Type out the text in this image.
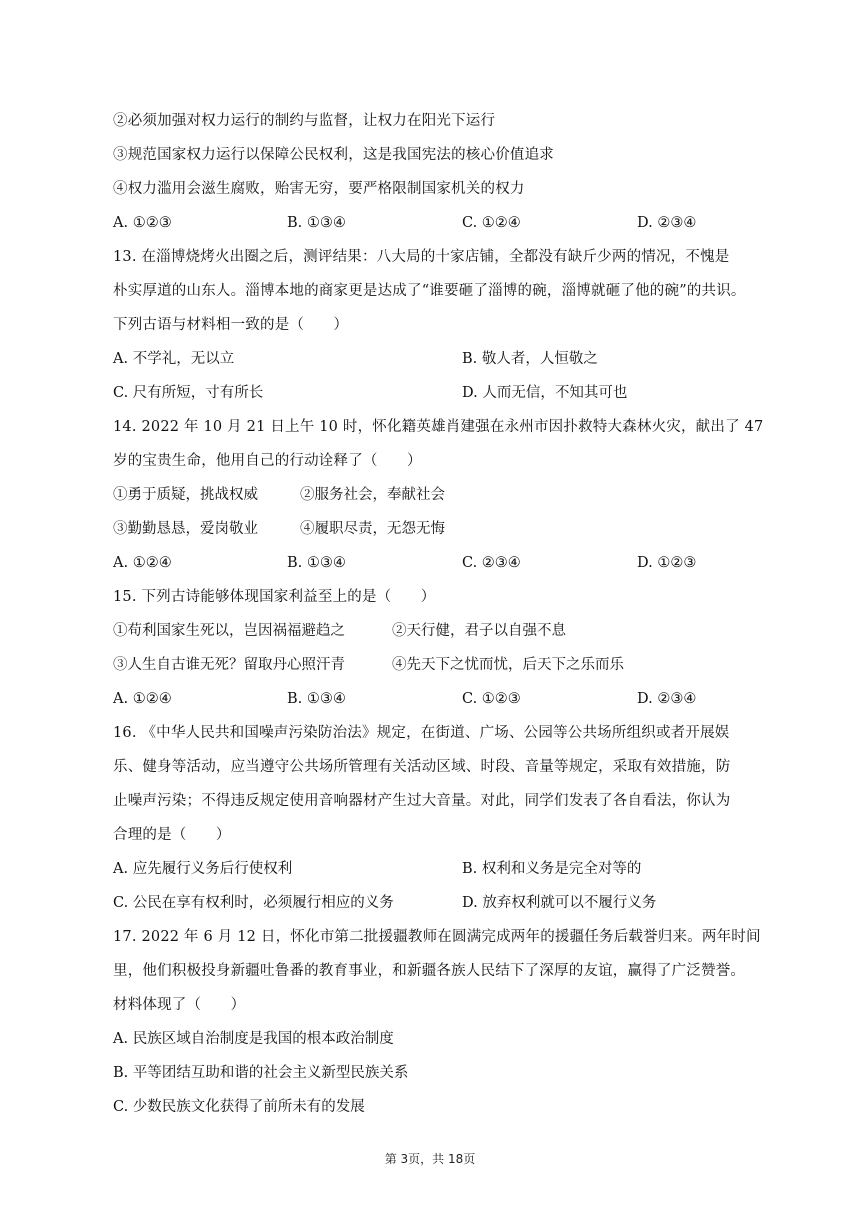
②必须加强对权力运行的制约与监督，让权力在阳光下运行
③规范国家权力运行以保障公民权利，这是我国宪法的核心价值追求
④权力滥用会滋生腐败，贻害无穷，要严格限制国家机关的权力
A. ①②③	B. ①③④	C. ①②④	D. ②③④
13. 在淄博烧烤火出圈之后，测评结果：八大局的十家店铺，全都没有缺斤少两的情况，不愧是
朴实厚道的山东人。淄博本地的商家更是达成了“谁要砸了淄博的碗，淄博就砸了他的碗”的共识。
下列古语与材料相一致的是（　　）
A. 不学礼，无以立	B. 敬人者，人恒敬之
C. 尺有所短，寸有所长	D. 人而无信，不知其可也
14. 2022 年 10 月 21 日上午 10 时，怀化籍英雄肖建强在永州市因扑救特大森林火灾，献出了 47
岁的宝贵生命，他用自己的行动诠释了（　　）
①勇于质疑，挑战权威	②服务社会，奉献社会
③勤勤恳恳，爱岗敬业	④履职尽责，无怨无悔
A. ①②④	B. ①③④	C. ②③④	D. ①②③
15. 下列古诗能够体现国家利益至上的是（　　）
①苟利国家生死以，岂因祸福避趋之	②天行健，君子以自强不息
③人生自古谁无死？留取丹心照汗青	④先天下之忧而忧，后天下之乐而乐
A. ①②④	B. ①③④	C. ①②③	D. ②③④
16. 《中华人民共和国噪声污染防治法》规定，在街道、广场、公园等公共场所组织或者开展娱
乐、健身等活动，应当遵守公共场所管理有关活动区域、时段、音量等规定，采取有效措施，防
止噪声污染；不得违反规定使用音响器材产生过大音量。对此，同学们发表了各自看法，你认为
合理的是（　　）
A. 应先履行义务后行使权利	B. 权利和义务是完全对等的
C. 公民在享有权利时，必须履行相应的义务	D. 放弃权利就可以不履行义务
17. 2022 年 6 月 12 日，怀化市第二批援疆教师在圆满完成两年的援疆任务后载誉归来。两年时间
里，他们积极投身新疆吐鲁番的教育事业，和新疆各族人民结下了深厚的友谊，赢得了广泛赞誉。
材料体现了（　　）
A. 民族区域自治制度是我国的根本政治制度
B. 平等团结互助和谐的社会主义新型民族关系
C. 少数民族文化获得了前所未有的发展
第 3页，共 18页
